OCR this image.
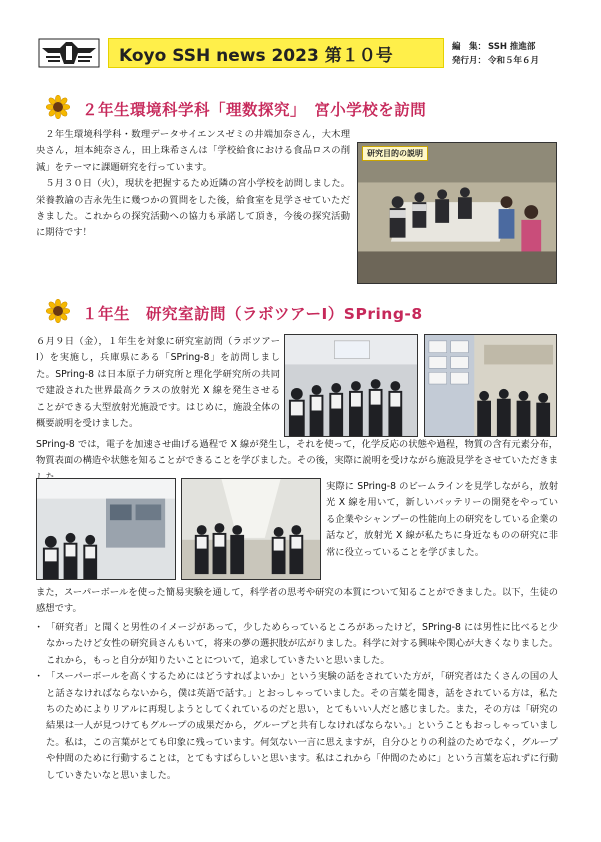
Koyo SSH news 2023 第１０号	編　集： SSH 推進部
発行月： 令和５年６月
２年生環境科学科「理数探究」　宮小学校を訪問

２年生環境科学科・数理データサイエンスゼミの井端加奈さん，大木理央さん，垣本純奈さん，田上珠希さんは「学校給食における食品ロスの削減」をテーマに課題研究を行っています。

５月３０日（火），現状を把握するため近隣の宮小学校を訪問しました。栄養教諭の吉永先生に幾つかの質問をした後，給食室を見学させていただきました。これからの探究活動への協力も承諾して頂き，今後の探究活動に期待です！

研究目的の説明
１年生　研究室訪問（ラボツアーⅠ）SPring-8
６月９日（金），１年生を対象に研究室訪問（ラボツアーⅠ）を実施し，兵庫県にある「SPring-8」を訪問しました。SPring-8 は日本原子力研究所と理化学研究所の共同で建設された世界最高クラスの放射光 X 線を発生させることができる大型放射光施設です。はじめに，施設全体の概要説明を受けました。
SPring-8 では，電子を加速させ曲げる過程で X 線が発生し，それを使って，化学反応の状態や過程，物質の含有元素分布，物質表面の構造や状態を知ることができることを学びました。その後，実際に説明を受けながら施設見学をさせていただきま
実際に SPring-8 のビームラインを見学しながら，放射光 X 線を用いて，新しいバッテリーの開発をやっている企業やシャンプーの性能向上の研究をしている企業の話など，放射光 X 線が私たちに身近なものの研究に非常に役立っていることを学びました。
また，スーパーボールを使った簡易実験を通して，科学者の思考や研究の本質について知ることができました。以下，生徒の感想です。
・ 「研究者」と聞くと男性のイメージがあって，少しためらっているところがあったけど，SPring-8 には男性に比べると少なかったけど女性の研究員さんもいて，将来の夢の選択肢が広がりました。科学に対する興味や関心が大きくなりました。これから，もっと自分が知りたいことについて，追求していきたいと思いました。
・ 「スーパーボールを高くするためにはどうすればよいか」という実験の話をされていた方が，「研究者はたくさんの国の人と話さなければならないから，僕は英語で話す。」とおっしゃっていました。その言葉を聞き，話をされている方は，私たちのためによりリアルに再現しようとしてくれているのだと思い，とてもいい人だと感じました。また，その方は「研究の結果は一人が見つけてもグループの成果だから，グループと共有しなければならない。」ということもおっしゃっていました。私は，この言葉がとても印象に残っています。何気ない一言に思えますが，自分ひとりの利益のためでなく，グループや仲間のために行動することは，とてもすばらしいと思います。私はこれから「仲間のために」という言葉を忘れずに行動していきたいなと思いました。
